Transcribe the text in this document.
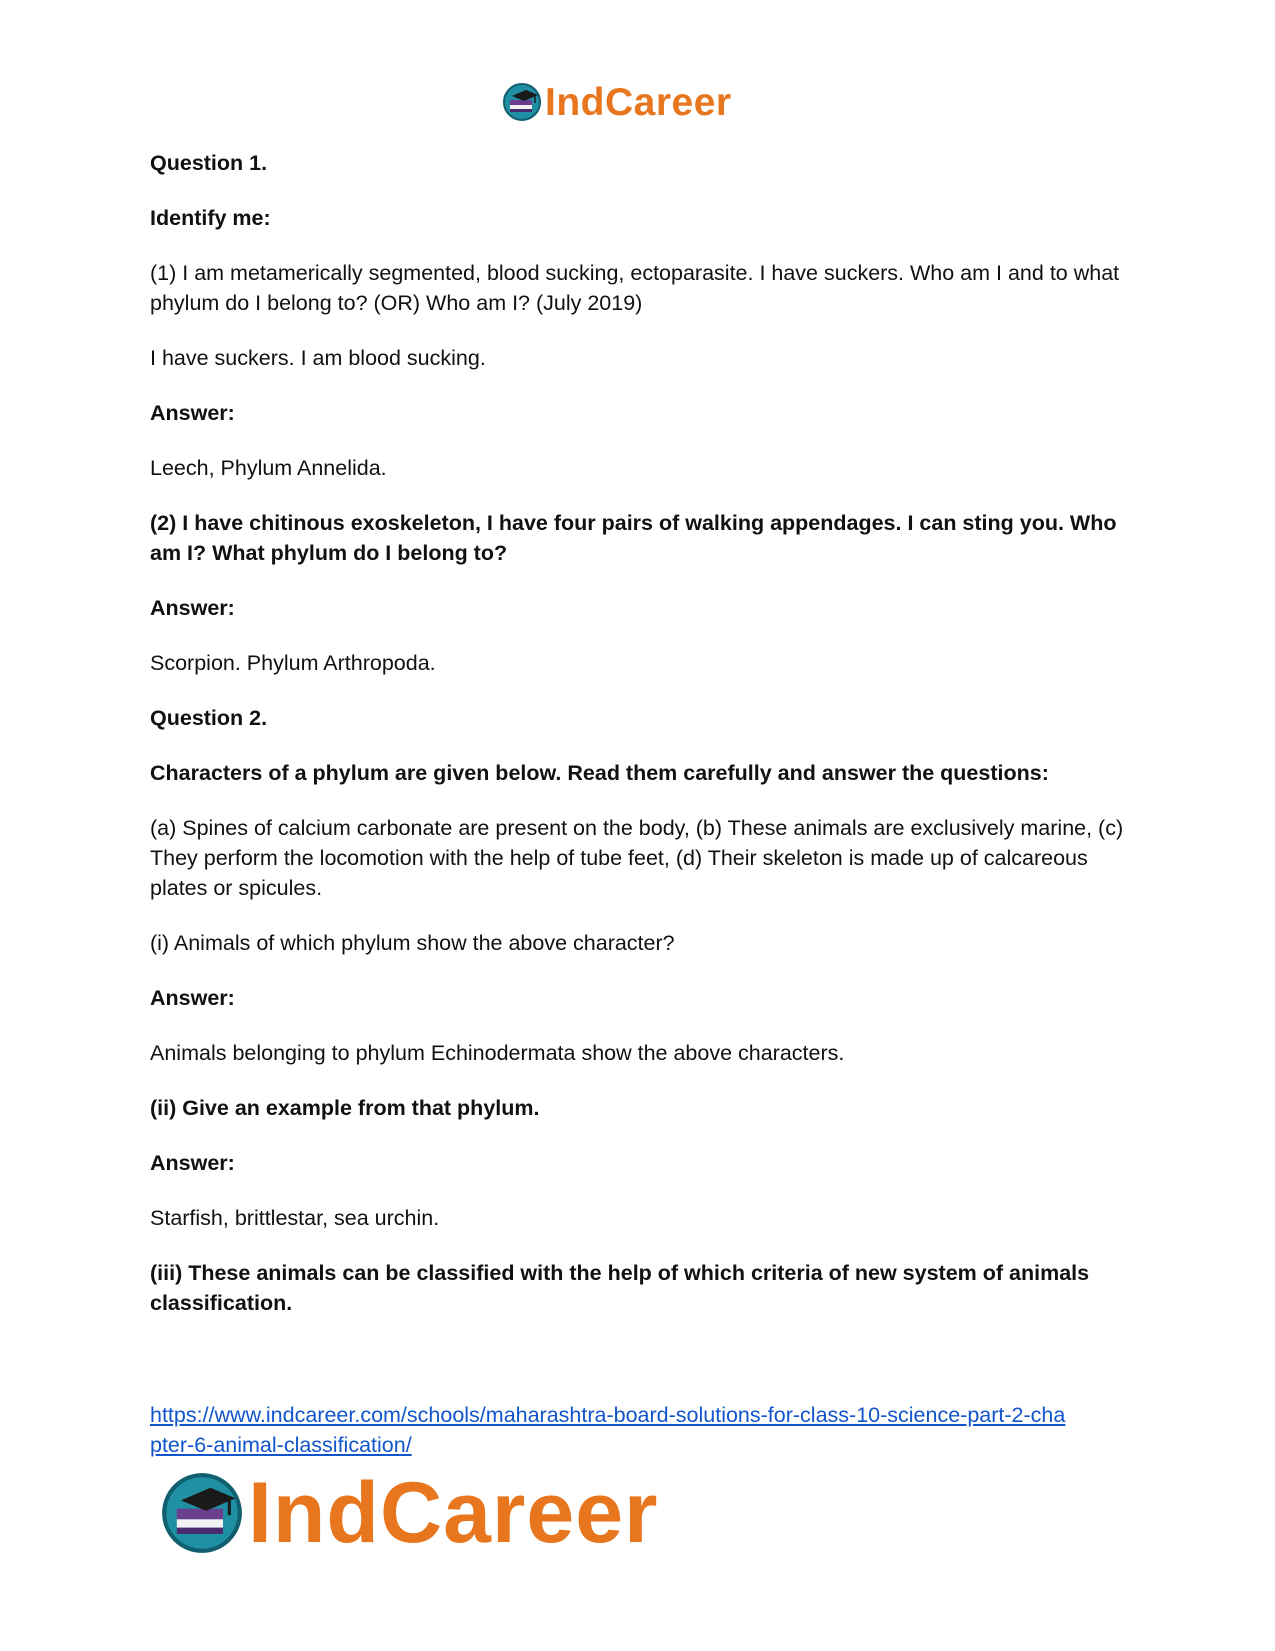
IndCareer

Question 1.

Identify me:

(1) I am metamerically segmented, blood sucking, ectoparasite. I have suckers. Who am I and to what phylum do I belong to? (OR) Who am I? (July 2019)

I have suckers. I am blood sucking.

Answer:

Leech, Phylum Annelida.

(2) I have chitinous exoskeleton, I have four pairs of walking appendages. I can sting you. Who am I? What phylum do I belong to?

Answer:

Scorpion. Phylum Arthropoda.

Question 2.

Characters of a phylum are given below. Read them carefully and answer the questions:

(a) Spines of calcium carbonate are present on the body, (b) These animals are exclusively marine, (c) They perform the locomotion with the help of tube feet, (d) Their skeleton is made up of calcareous plates or spicules.

(i) Animals of which phylum show the above character?

Answer:

Animals belonging to phylum Echinodermata show the above characters.

(ii) Give an example from that phylum.

Answer:

Starfish, brittlestar, sea urchin.

(iii) These animals can be classified with the help of which criteria of new system of animals classification.

https://www.indcareer.com/schools/maharashtra-board-solutions-for-class-10-science-part-2-cha
pter-6-animal-classification/
IndCareer
